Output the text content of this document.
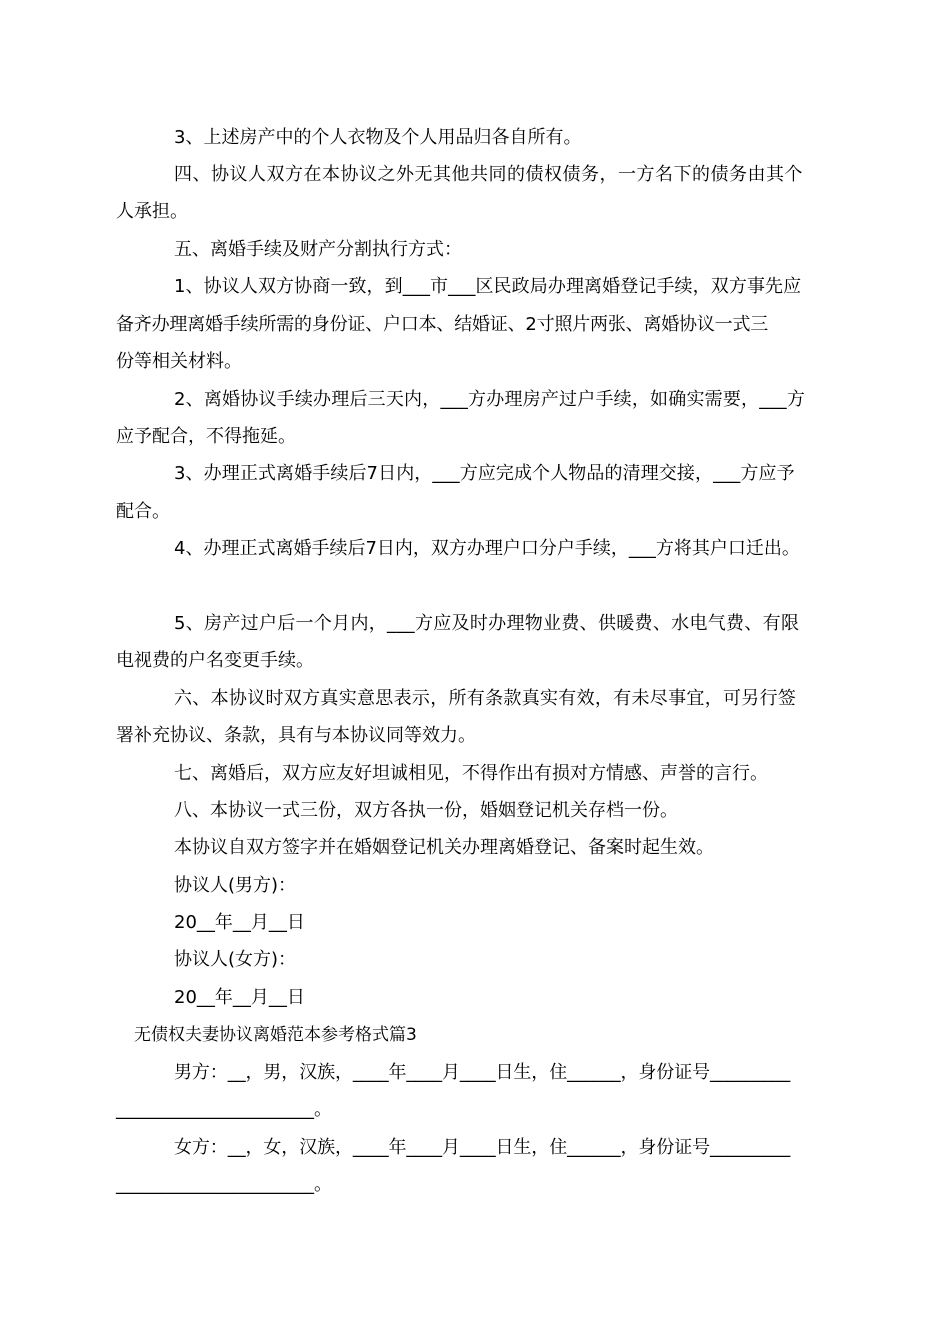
3、上述房产中的个人衣物及个人用品归各自所有。

四、协议人双方在本协议之外无其他共同的债权债务，一方名下的债务由其个

人承担。

五、离婚手续及财产分割执行方式：

1、协议人双方协商一致，到___市___区民政局办理离婚登记手续，双方事先应

备齐办理离婚手续所需的身份证、户口本、结婚证、2寸照片两张、离婚协议一式三

份等相关材料。

2、离婚协议手续办理后三天内，___方办理房产过户手续，如确实需要，___方

应予配合，不得拖延。

3、办理正式离婚手续后7日内，___方应完成个人物品的清理交接，___方应予

配合。

4、办理正式离婚手续后7日内，双方办理户口分户手续，___方将其户口迁出。

5、房产过户后一个月内，___方应及时办理物业费、供暖费、水电气费、有限

电视费的户名变更手续。

六、本协议时双方真实意思表示，所有条款真实有效，有未尽事宜，可另行签

署补充协议、条款，具有与本协议同等效力。

七、离婚后，双方应友好坦诚相见，不得作出有损对方情感、声誉的言行。

八、本协议一式三份，双方各执一份，婚姻登记机关存档一份。

本协议自双方签字并在婚姻登记机关办理离婚登记、备案时起生效。

协议人(男方)：

20__年__月__日

协议人(女方)：

20__年__月__日

无债权夫妻协议离婚范本参考格式篇3

男方：__，男，汉族，____年____月____日生，住______，身份证号_________

______________________。

女方：__，女，汉族，____年____月____日生，住______，身份证号_________

______________________。
